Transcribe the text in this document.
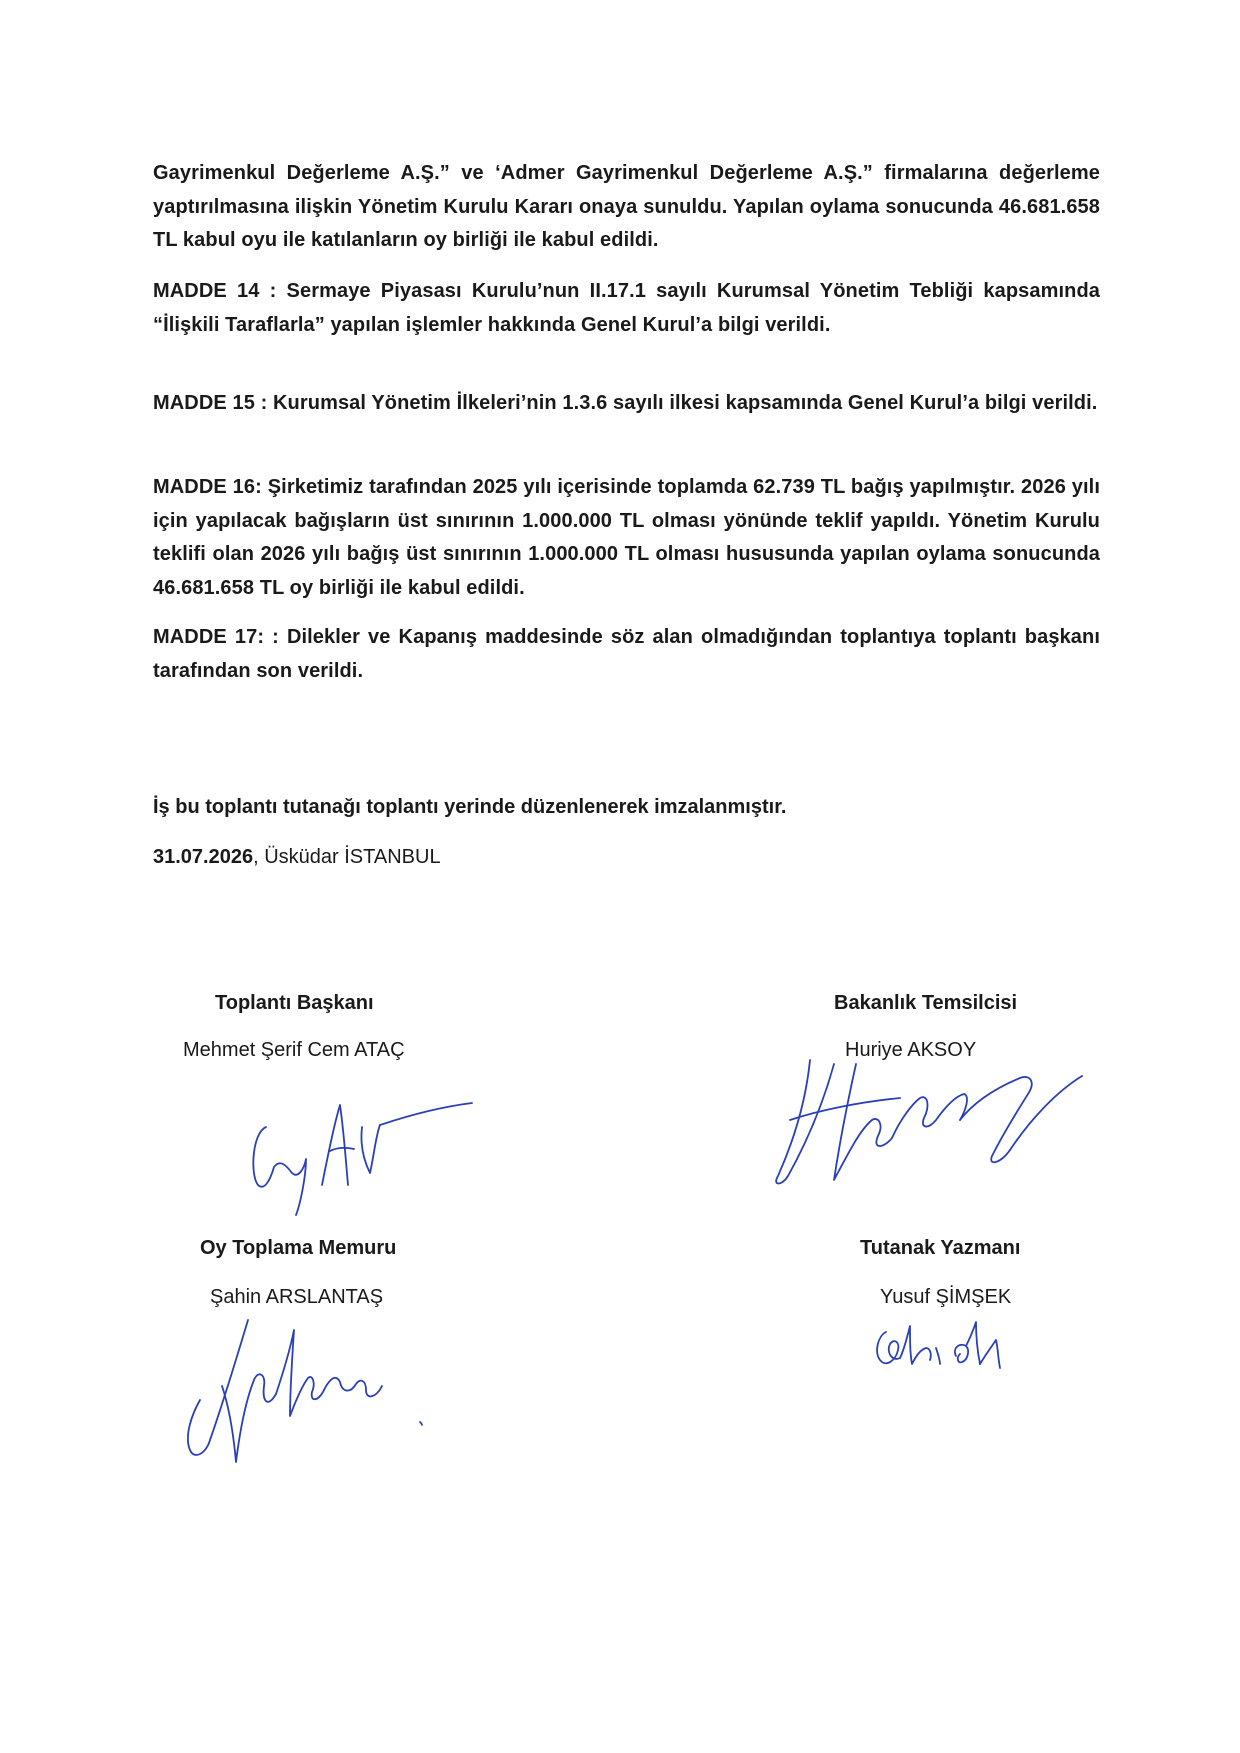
Gayrimenkul Değerleme A.Ş.” ve ‘Admer Gayrimenkul Değerleme A.Ş.” firmalarına değerleme yaptırılmasına ilişkin Yönetim Kurulu Kararı onaya sunuldu. Yapılan oylama sonucunda 46.681.658 TL kabul oyu ile katılanların oy birliği ile kabul edildi.

MADDE 14 : Sermaye Piyasası Kurulu’nun II.17.1 sayılı Kurumsal Yönetim Tebliği kapsamında “İlişkili Taraflarla” yapılan işlemler hakkında Genel Kurul’a bilgi verildi.

MADDE 15 : Kurumsal Yönetim İlkeleri’nin 1.3.6 sayılı ilkesi kapsamında Genel Kurul’a bilgi verildi.

MADDE 16: Şirketimiz tarafından 2025 yılı içerisinde toplamda 62.739 TL bağış yapılmıştır. 2026 yılı için yapılacak bağışların üst sınırının 1.000.000 TL olması yönünde teklif yapıldı. Yönetim Kurulu teklifi olan 2026 yılı bağış üst sınırının 1.000.000 TL olması hususunda yapılan oylama sonucunda 46.681.658 TL oy birliği ile kabul edildi.

MADDE 17: : Dilekler ve Kapanış maddesinde söz alan olmadığından toplantıya toplantı başkanı tarafından son verildi.

İş bu toplantı tutanağı toplantı yerinde düzenlenerek imzalanmıştır.

31.07.2026, Üsküdar İSTANBUL

Toplantı Başkanı

Mehmet Şerif Cem ATAÇ

Bakanlık Temsilcisi

Huriye AKSOY

Oy Toplama Memuru

Şahin ARSLANTAŞ

Tutanak Yazmanı

Yusuf ŞİMŞEK
